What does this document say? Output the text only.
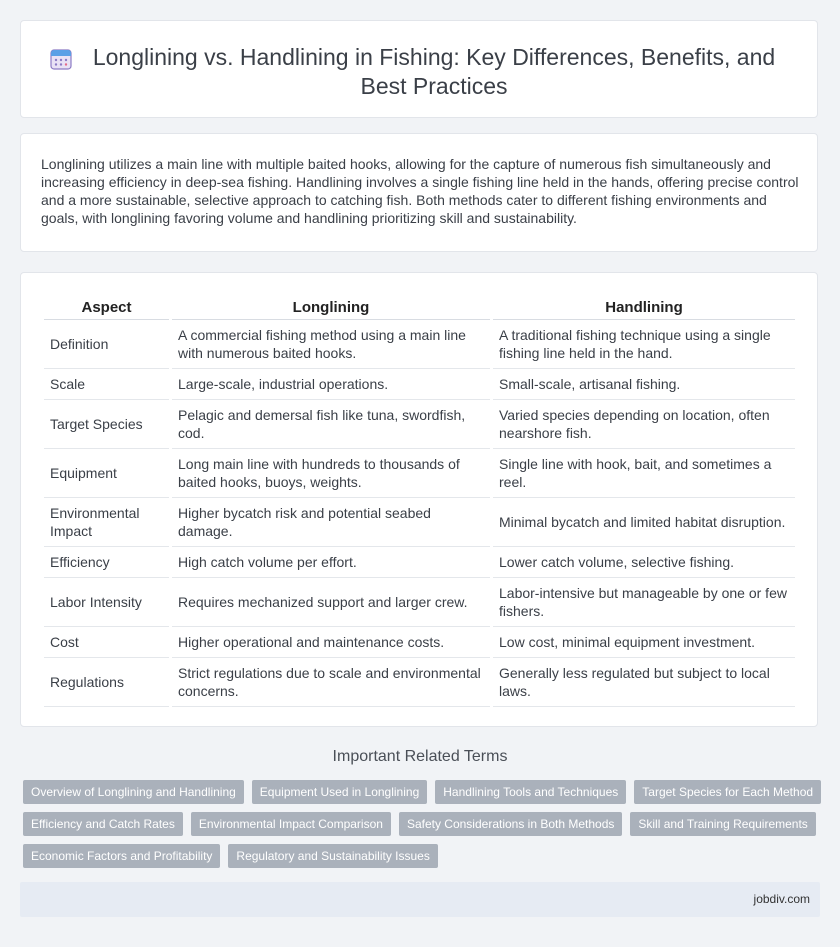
Longlining vs. Handlining in Fishing: Key Differences, Benefits, and Best Practices
Longlining utilizes a main line with multiple baited hooks, allowing for the capture of numerous fish simultaneously and increasing efficiency in deep-sea fishing. Handlining involves a single fishing line held in the hands, offering precise control and a more sustainable, selective approach to catching fish. Both methods cater to different fishing environments and goals, with longlining favoring volume and handlining prioritizing skill and sustainability.
Aspect	Longlining	Handlining
Definition	A commercial fishing method using a main line with numerous baited hooks.	A traditional fishing technique using a single fishing line held in the hand.
Scale	Large-scale, industrial operations.	Small-scale, artisanal fishing.
Target Species	Pelagic and demersal fish like tuna, swordfish, cod.	Varied species depending on location, often nearshore fish.
Equipment	Long main line with hundreds to thousands of baited hooks, buoys, weights.	Single line with hook, bait, and sometimes a reel.
Environmental Impact	Higher bycatch risk and potential seabed damage.	Minimal bycatch and limited habitat disruption.
Efficiency	High catch volume per effort.	Lower catch volume, selective fishing.
Labor Intensity	Requires mechanized support and larger crew.	Labor-intensive but manageable by one or few fishers.
Cost	Higher operational and maintenance costs.	Low cost, minimal equipment investment.
Regulations	Strict regulations due to scale and environmental concerns.	Generally less regulated but subject to local laws.
Important Related Terms
Overview of Longlining and Handlining	Equipment Used in Longlining	Handlining Tools and Techniques	Target Species for Each Method
Efficiency and Catch Rates	Environmental Impact Comparison	Safety Considerations in Both Methods	Skill and Training Requirements
Economic Factors and Profitability	Regulatory and Sustainability Issues
jobdiv.com
